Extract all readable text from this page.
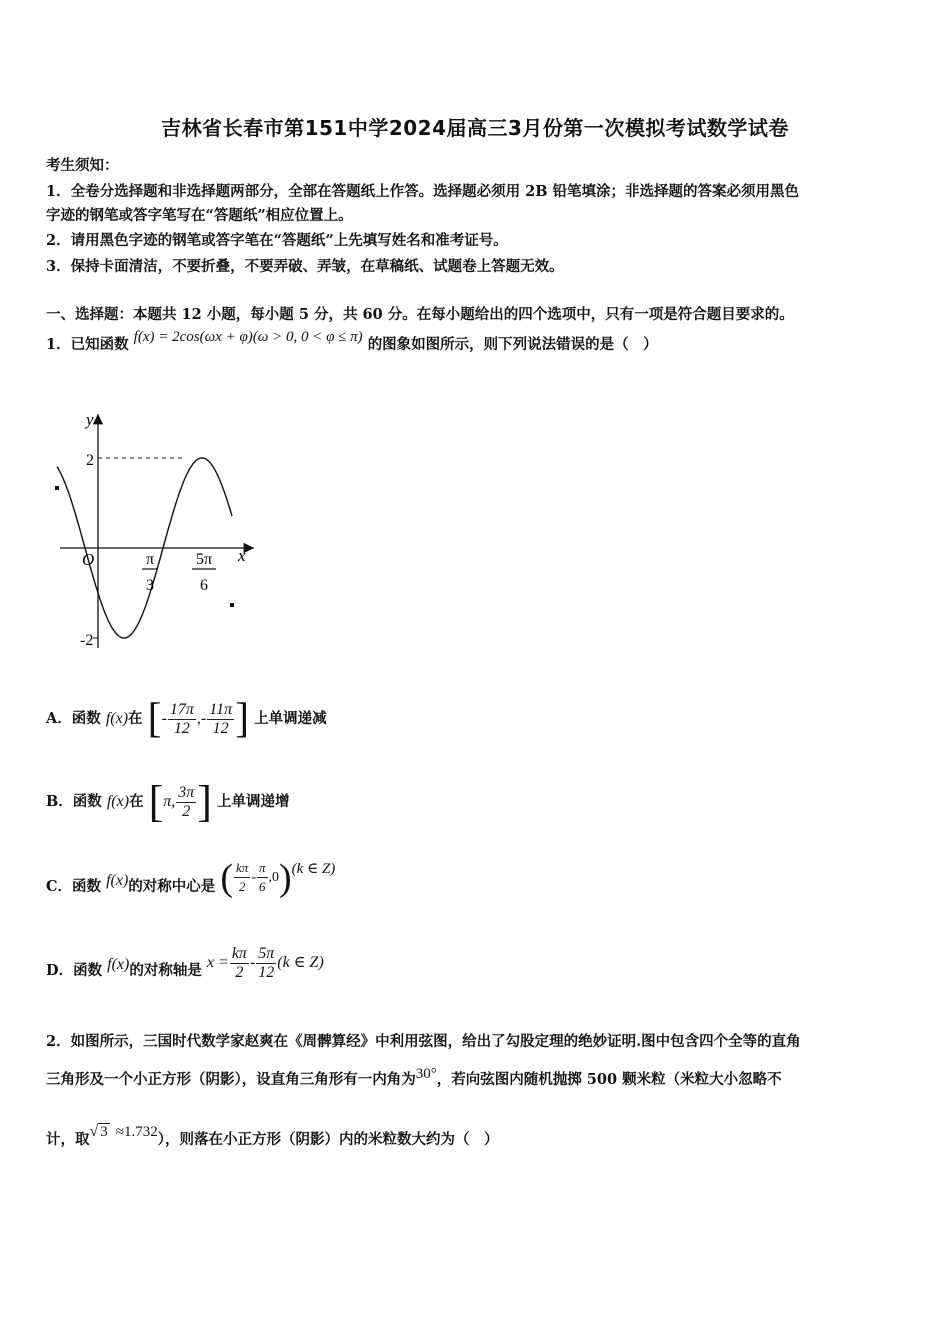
吉林省长春市第151中学2024届高三3月份第一次模拟考试数学试卷
考生须知：
1．全卷分选择题和非选择题两部分，全部在答题纸上作答。选择题必须用 2B 铅笔填涂；非选择题的答案必须用黑色
字迹的钢笔或答字笔写在“答题纸”相应位置上。
2．请用黑色字迹的钢笔或答字笔在“答题纸”上先填写姓名和准考证号。
3．保持卡面清洁，不要折叠，不要弄破、弄皱，在草稿纸、试题卷上答题无效。
一、选择题：本题共 12 小题，每小题 5 分，共 60 分。在每小题给出的四个选项中，只有一项是符合题目要求的。
1．已知函数 f(x) = 2cos(ωx + φ)(ω > 0, 0 < φ ≤ π) 的图象如图所示，则下列说法错误的是（　）
y
x
O
2
-2
π
3
5π
6
A．函数 f(x)在 [- $\frac{17\pi}{12}$ ,- $\frac{11\pi}{12}$ ] 上单调递减
B．函数 f(x)在 [π, $\frac{3\pi}{2}$ ] 上单调递增
C．函数 f(x)的对称中心是 ( $\frac{k\pi}{2} - \frac{\pi}{6} ,0)(k$ ∈ Z)
D．函数 f(x)的对称轴是 $x = \frac{k\pi}{2} - \frac{5\pi}{12} (k$ ∈ Z)
2．如图所示，三国时代数学家赵爽在《周髀算经》中利用弦图，给出了勾股定理的绝妙证明.图中包含四个全等的直角
三角形及一个小正方形（阴影），设直角三角形有一内角为30°，若向弦图内随机抛掷 500 颗米粒（米粒大小忽略不
计，取√ 3 ≈1.732），则落在小正方形（阴影）内的米粒数大约为（　）
